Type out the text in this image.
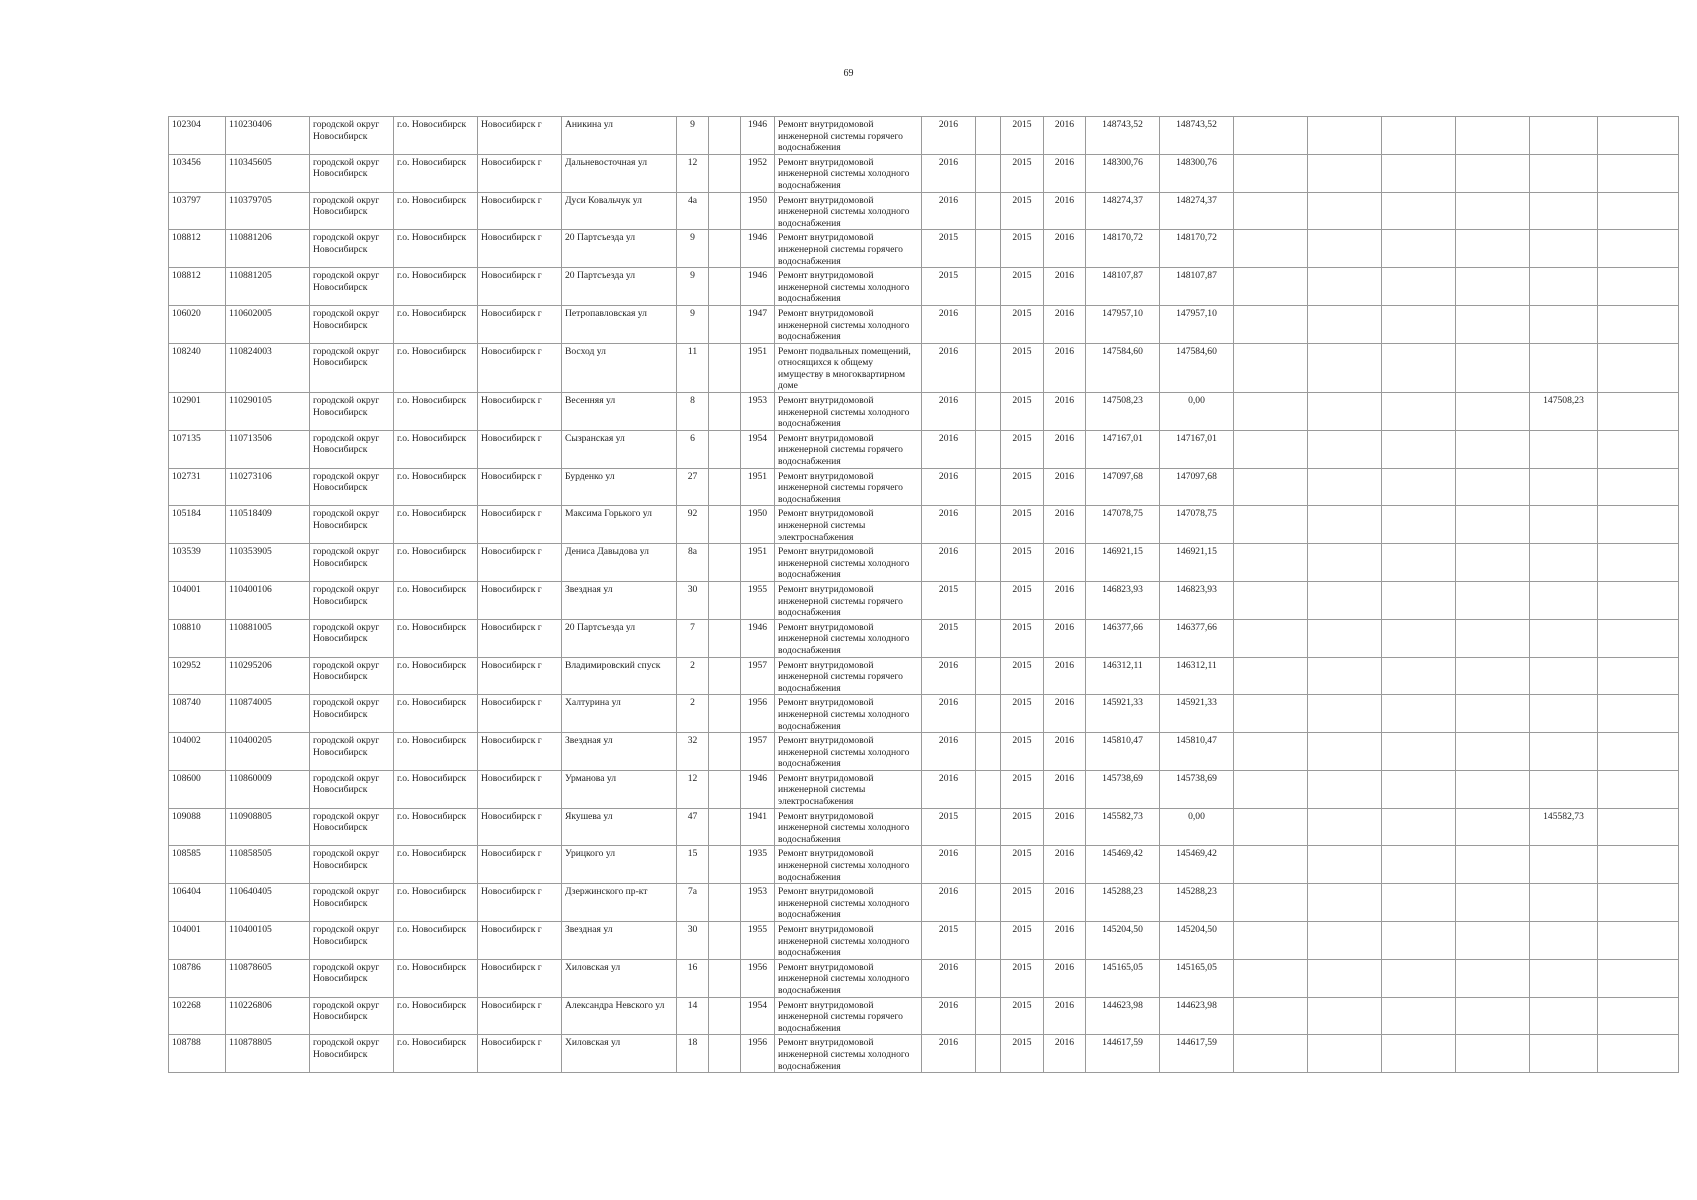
69
102304	110230406	городской округ Новосибирск	г.о. Новосибирск	Новосибирск г	Аникина ул	9		1946	Ремонт внутридомовой инженерной системы горячего водоснабжения	2016		2015	2016	148743,52	148743,52						
103456	110345605	городской округ Новосибирск	г.о. Новосибирск	Новосибирск г	Дальневосточная ул	12		1952	Ремонт внутридомовой инженерной системы холодного водоснабжения	2016		2015	2016	148300,76	148300,76						
103797	110379705	городской округ Новосибирск	г.о. Новосибирск	Новосибирск г	Дуси Ковальчук ул	4а		1950	Ремонт внутридомовой инженерной системы холодного водоснабжения	2016		2015	2016	148274,37	148274,37						
108812	110881206	городской округ Новосибирск	г.о. Новосибирск	Новосибирск г	20 Партсъезда ул	9		1946	Ремонт внутридомовой инженерной системы горячего водоснабжения	2015		2015	2016	148170,72	148170,72						
108812	110881205	городской округ Новосибирск	г.о. Новосибирск	Новосибирск г	20 Партсъезда ул	9		1946	Ремонт внутридомовой инженерной системы холодного водоснабжения	2015		2015	2016	148107,87	148107,87						
106020	110602005	городской округ Новосибирск	г.о. Новосибирск	Новосибирск г	Петропавловская ул	9		1947	Ремонт внутридомовой инженерной системы холодного водоснабжения	2016		2015	2016	147957,10	147957,10						
108240	110824003	городской округ Новосибирск	г.о. Новосибирск	Новосибирск г	Восход ул	11		1951	Ремонт подвальных помещений, относящихся к общему имуществу в многоквартирном доме	2016		2015	2016	147584,60	147584,60						
102901	110290105	городской округ Новосибирск	г.о. Новосибирск	Новосибирск г	Весенняя ул	8		1953	Ремонт внутридомовой инженерной системы холодного водоснабжения	2016		2015	2016	147508,23	0,00					147508,23	
107135	110713506	городской округ Новосибирск	г.о. Новосибирск	Новосибирск г	Сызранская ул	6		1954	Ремонт внутридомовой инженерной системы горячего водоснабжения	2016		2015	2016	147167,01	147167,01						
102731	110273106	городской округ Новосибирск	г.о. Новосибирск	Новосибирск г	Бурденко ул	27		1951	Ремонт внутридомовой инженерной системы горячего водоснабжения	2016		2015	2016	147097,68	147097,68						
105184	110518409	городской округ Новосибирск	г.о. Новосибирск	Новосибирск г	Максима Горького ул	92		1950	Ремонт внутридомовой инженерной системы электроснабжения	2016		2015	2016	147078,75	147078,75						
103539	110353905	городской округ Новосибирск	г.о. Новосибирск	Новосибирск г	Дениса Давыдова ул	8а		1951	Ремонт внутридомовой инженерной системы холодного водоснабжения	2016		2015	2016	146921,15	146921,15						
104001	110400106	городской округ Новосибирск	г.о. Новосибирск	Новосибирск г	Звездная ул	30		1955	Ремонт внутридомовой инженерной системы горячего водоснабжения	2015		2015	2016	146823,93	146823,93						
108810	110881005	городской округ Новосибирск	г.о. Новосибирск	Новосибирск г	20 Партсъезда ул	7		1946	Ремонт внутридомовой инженерной системы холодного водоснабжения	2015		2015	2016	146377,66	146377,66						
102952	110295206	городской округ Новосибирск	г.о. Новосибирск	Новосибирск г	Владимировский спуск	2		1957	Ремонт внутридомовой инженерной системы горячего водоснабжения	2016		2015	2016	146312,11	146312,11						
108740	110874005	городской округ Новосибирск	г.о. Новосибирск	Новосибирск г	Халтурина ул	2		1956	Ремонт внутридомовой инженерной системы холодного водоснабжения	2016		2015	2016	145921,33	145921,33						
104002	110400205	городской округ Новосибирск	г.о. Новосибирск	Новосибирск г	Звездная ул	32		1957	Ремонт внутридомовой инженерной системы холодного водоснабжения	2016		2015	2016	145810,47	145810,47						
108600	110860009	городской округ Новосибирск	г.о. Новосибирск	Новосибирск г	Урманова ул	12		1946	Ремонт внутридомовой инженерной системы электроснабжения	2016		2015	2016	145738,69	145738,69						
109088	110908805	городской округ Новосибирск	г.о. Новосибирск	Новосибирск г	Якушева ул	47		1941	Ремонт внутридомовой инженерной системы холодного водоснабжения	2015		2015	2016	145582,73	0,00					145582,73	
108585	110858505	городской округ Новосибирск	г.о. Новосибирск	Новосибирск г	Урицкого ул	15		1935	Ремонт внутридомовой инженерной системы холодного водоснабжения	2016		2015	2016	145469,42	145469,42						
106404	110640405	городской округ Новосибирск	г.о. Новосибирск	Новосибирск г	Дзержинского пр-кт	7а		1953	Ремонт внутридомовой инженерной системы холодного водоснабжения	2016		2015	2016	145288,23	145288,23						
104001	110400105	городской округ Новосибирск	г.о. Новосибирск	Новосибирск г	Звездная ул	30		1955	Ремонт внутридомовой инженерной системы холодного водоснабжения	2015		2015	2016	145204,50	145204,50						
108786	110878605	городской округ Новосибирск	г.о. Новосибирск	Новосибирск г	Хиловская ул	16		1956	Ремонт внутридомовой инженерной системы холодного водоснабжения	2016		2015	2016	145165,05	145165,05						
102268	110226806	городской округ Новосибирск	г.о. Новосибирск	Новосибирск г	Александра Невского ул	14		1954	Ремонт внутридомовой инженерной системы горячего водоснабжения	2016		2015	2016	144623,98	144623,98						
108788	110878805	городской округ Новосибирск	г.о. Новосибирск	Новосибирск г	Хиловская ул	18		1956	Ремонт внутридомовой инженерной системы холодного водоснабжения	2016		2015	2016	144617,59	144617,59						
